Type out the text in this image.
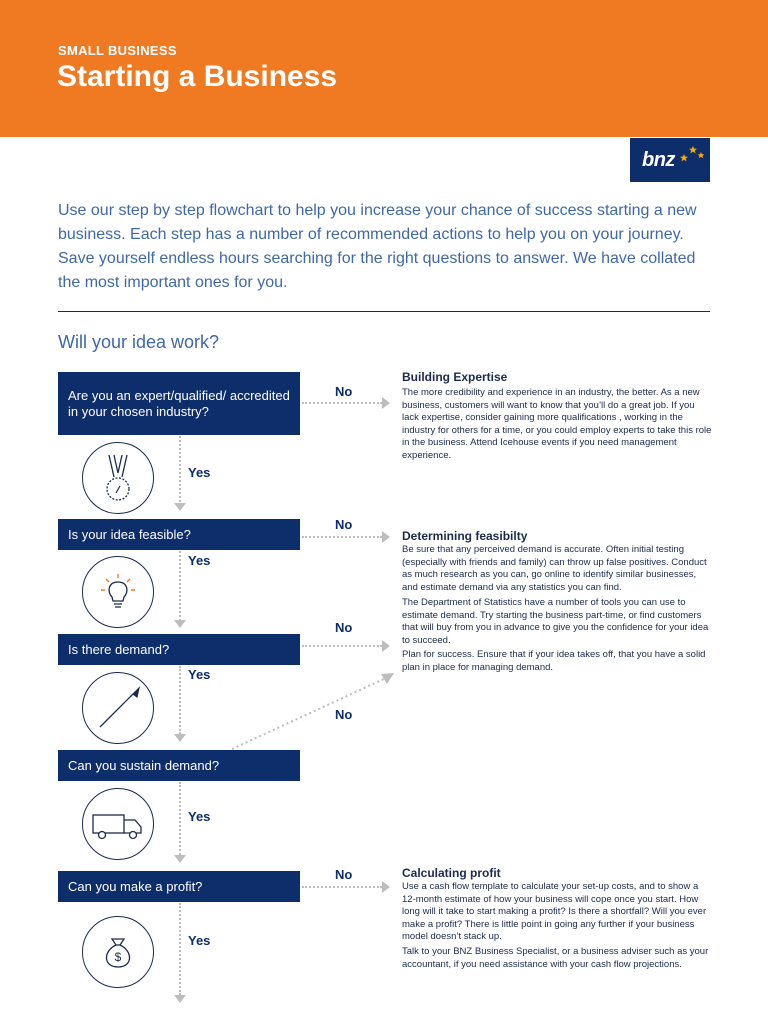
SMALL BUSINESS
Starting a Business
bnz

Use our step by step flowchart to help you increase your chance of success starting a new business. Each step has a number of recommended actions to help you on your journey. Save yourself endless hours searching for the right questions to answer. We have collated the most important ones for you.

Will your idea work?
Are you an expert/qualified/ accredited in your chosen industry?
Is your idea feasible?
Is there demand?
Can you sustain demand?
Can you make a profit?
$
Yes
Yes
Yes
Yes
Yes
No
No
No
No
No
Building Expertise

The more credibility and experience in an industry, the better. As a new business, customers will want to know that you’ll do a great job. If you lack expertise, consider gaining more qualifications , working in the industry for others for a time, or you could employ experts to take this role in the business. Attend Icehouse events if you need management experience.

Determining feasibilty

Be sure that any perceived demand is accurate. Often initial testing (especially with friends and family) can throw up false positives. Conduct as much research as you can, go online to identify similar businesses, and estimate demand via any statistics you can find.

The Department of Statistics have a number of tools you can use to estimate demand. Try starting the business part-time, or find customers that will buy from you in advance to give you the confidence for your idea to succeed.

Plan for success. Ensure that if your idea takes off, that you have a solid plan in place for managing demand.

Calculating profit

Use a cash flow template to calculate your set-up costs, and to show a 12-month estimate of how your business will cope once you start. How long will it take to start making a profit? Is there a shortfall? Will you ever make a profit? There is little point in going any further if your business model doesn’t stack up.

Talk to your BNZ Business Specialist, or a business adviser such as your accountant, if you need assistance with your cash flow projections.
